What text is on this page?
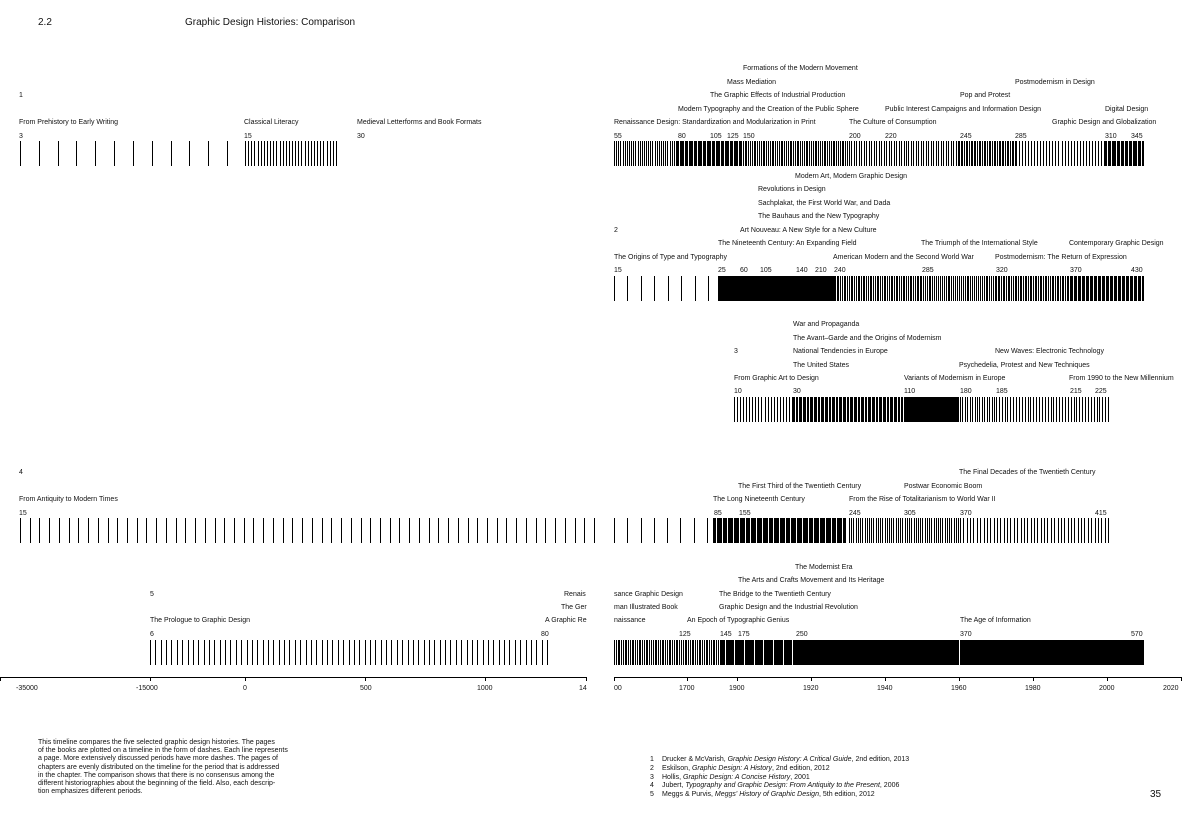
2.2	Graphic Design Histories: Comparison
1
From Prehistory to Early Writing	Classical Literacy	Medieval Letterforms and Book Formats	Renaissance Design: Standardization and Modularization in Print
Modern Typography and the Creation of the Public Sphere
The Graphic Effects of Industrial Production
Mass Mediation
Formations of the Modern Movement
The Culture of Consumption
Public Interest Campaigns and Information Design
Pop and Protest
Postmodernism in Design
Graphic Design and Globalization
Digital Design
3	15	30	55	80	105 125 150	200	220	245	285	310 345
2
The Origins of Type and Typography
The Nineteenth Century: An Expanding Field
Art Nouveau: A New Style for a New Culture
The Bauhaus and the New Typography
Sachplakat, the First World War, and Dada
Revolutions in Design
Modern Art, Modern Graphic Design
American Modern and the Second World War
The Triumph of the International Style
Postmodernism: The Return of Expression
Contemporary Graphic Design
15	25 60 105	140 210 240	285	320	370	430
3
From Graphic Art to Design
The United States
National Tendencies in Europe
The Avant–Garde and the Origins of Modernism
War and Propaganda
Variants of Modernism in Europe
Psychedelia, Protest and New Techniques
New Waves: Electronic Technology
From 1990 to the New Millennium
10	30	110	180	185	215 225
4
From Antiquity to Modern Times	The Long Nineteenth Century
The First Third of the Twentieth Century
From the Rise of Totalitarianism to World War II
Postwar Economic Boom
The Final Decades of the Twentieth Century
15	85 155	245	305	370	415
5
The Prologue to Graphic Design
Renais
The Ger
A Graphic Re
sance Graphic Design
man Illustrated Book
naissance	An Epoch of Typographic Genius
Graphic Design and the Industrial Revolution
The Bridge to the Twentieth Century
The Arts and Crafts Movement and Its Heritage
The Modernist Era
The Age of Information
6	80	125	145 175	250	370	570
-35000	-15000	0	500	1000	14	00	1700	1900	1920	1940	1960	1980	2000	2020
This timeline compares the five selected graphic design histories. The pages
of the books are plotted on a timeline in the form of dashes. Each line represents
a page. More extensively discussed periods have more dashes. The pages of
chapters are evenly distributed on the timeline for the period that is addressed
in the chapter. The comparison shows that there is no consensus among the
different historiographies about the beginning of the field. Also, each descrip-
tion emphasizes different periods.
1 Drucker & McVarish, Graphic Design History: A Critical Guide, 2nd edition, 2013
2 Eskilson, Graphic Design: A History, 2nd edition, 2012
3 Hollis, Graphic Design: A Concise History, 2001
4 Jubert, Typography and Graphic Design: From Antiquity to the Present, 2006
5 Meggs & Purvis, Meggs' History of Graphic Design, 5th edition, 2012	35
